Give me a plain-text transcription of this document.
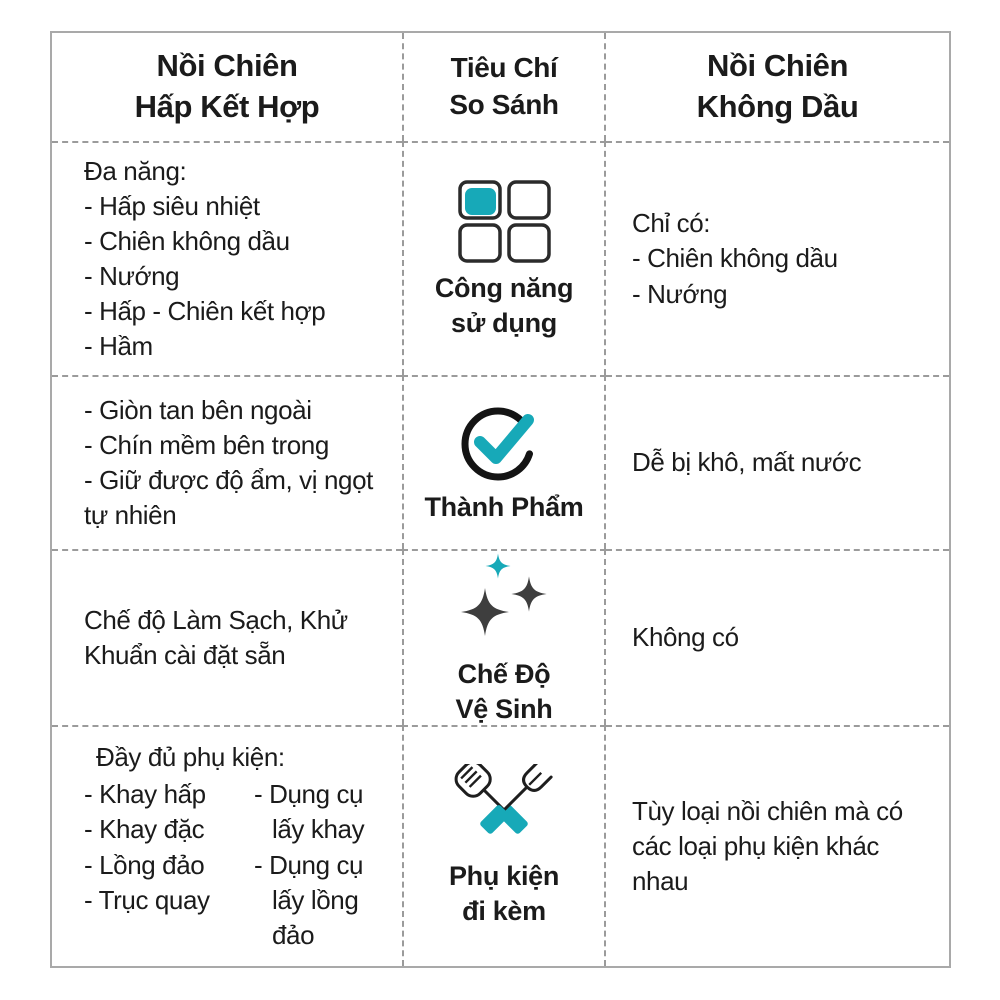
Nồi Chiên
Hấp Kết Hợp
Tiêu Chí
So Sánh
Nồi Chiên
Không Dầu
Đa năng:
- Hấp siêu nhiệt
- Chiên không dầu
- Nướng
- Hấp - Chiên kết hợp
- Hầm
Công năng
sử dụng
Chỉ có:
- Chiên không dầu
- Nướng
- Giòn tan bên ngoài
- Chín mềm bên trong
- Giữ được độ ẩm, vị ngọt tự nhiên	Thành Phẩm
Dễ bị khô, mất nước
Chế độ Làm Sạch, Khử Khuẩn cài đặt sẵn
Chế Độ
Vệ Sinh
Không có
Đầy đủ phụ kiện:
- Khay hấp
- Khay đặc
- Lồng đảo
- Trục quay
- Dụng cụ lấy khay
- Dụng cụ lấy lồng đảo
Phụ kiện
đi kèm
Tùy loại nồi chiên mà có các loại phụ kiện khác nhau
